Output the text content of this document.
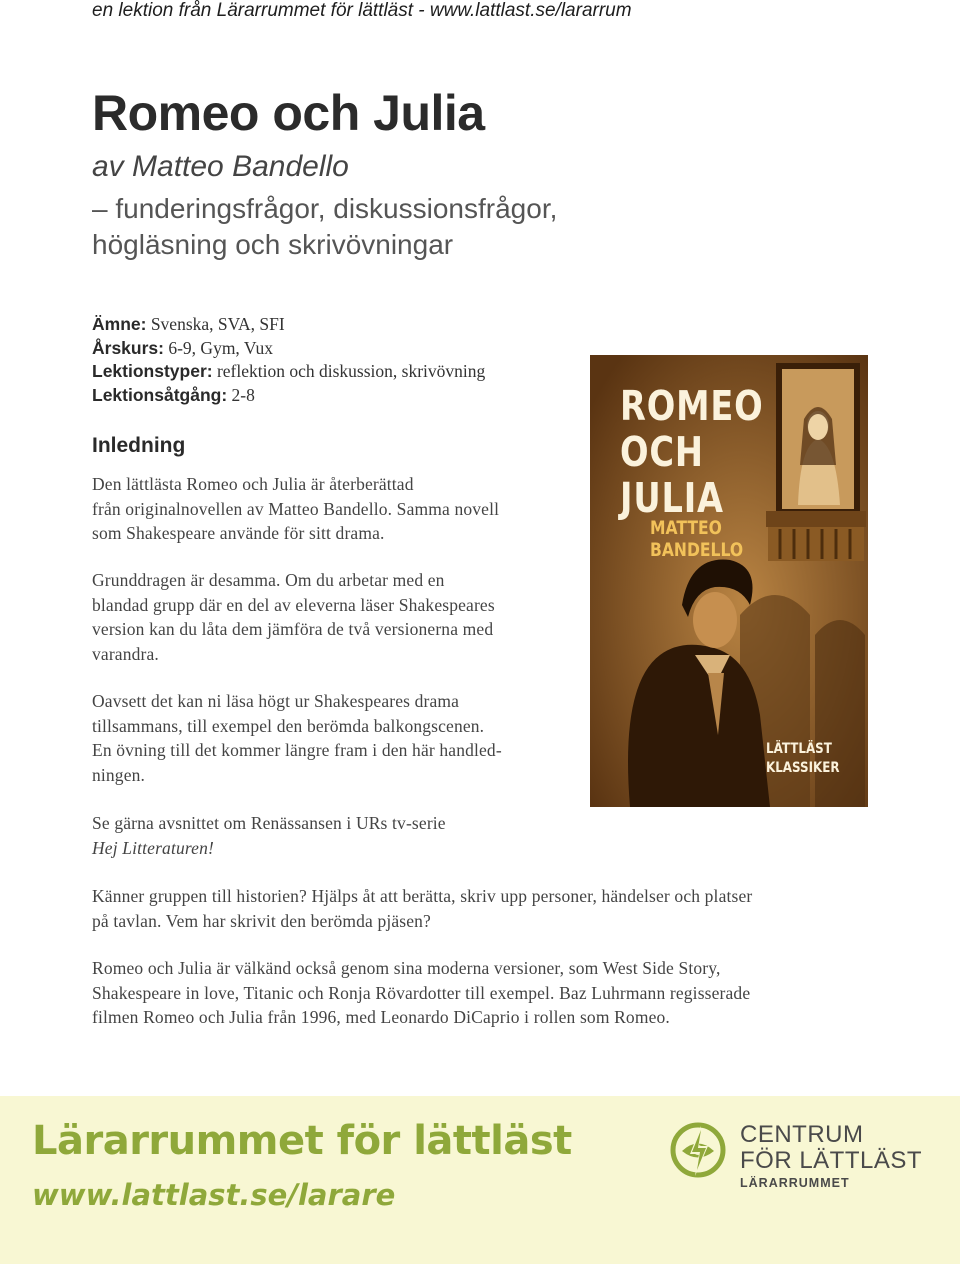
en lektion från Lärarrummet för lättläst - www.lattlast.se/lararrum
Romeo och Julia
av Matteo Bandello
– funderingsfrågor, diskussionsfrågor,
högläsning och skrivövningar
Ämne: Svenska, SVA, SFI
Årskurs: 6-9, Gym, Vux
Lektionstyper: reflektion och diskussion, skrivövning
Lektionsåtgång: 2-8
Inledning
Den lättlästa Romeo och Julia är återberättad
från originalnovellen av Matteo Bandello. Samma novell
som Shakespeare använde för sitt drama.
Grunddragen är desamma. Om du arbetar med en
blandad grupp där en del av eleverna läser Shakespeares
version kan du låta dem jämföra de två versionerna med
varandra.
Oavsett det kan ni läsa högt ur Shakespeares drama
tillsammans, till exempel den berömda balkongscenen.
En övning till det kommer längre fram i den här handled-
ningen.
Se gärna avsnittet om Renässansen i URs tv-serie
Hej Litteraturen!
Känner gruppen till historien? Hjälps åt att berätta, skriv upp personer, händelser och platser
på tavlan. Vem har skrivit den berömda pjäsen?
Romeo och Julia är välkänd också genom sina moderna versioner, som West Side Story,
Shakespeare in love, Titanic och Ronja Rövardotter till exempel. Baz Luhrmann regisserade
filmen Romeo och Julia från 1996, med Leonardo DiCaprio i rollen som Romeo.
ROMEO
OCH
JULIA
MATTEO
BANDELLO
LÄTTLÄST
KLASSIKER
Lärarrummet för lättläst
www.lattlast.se/larare
CENTRUM
FÖR LÄTTLÄST
LÄRARRUMMET
